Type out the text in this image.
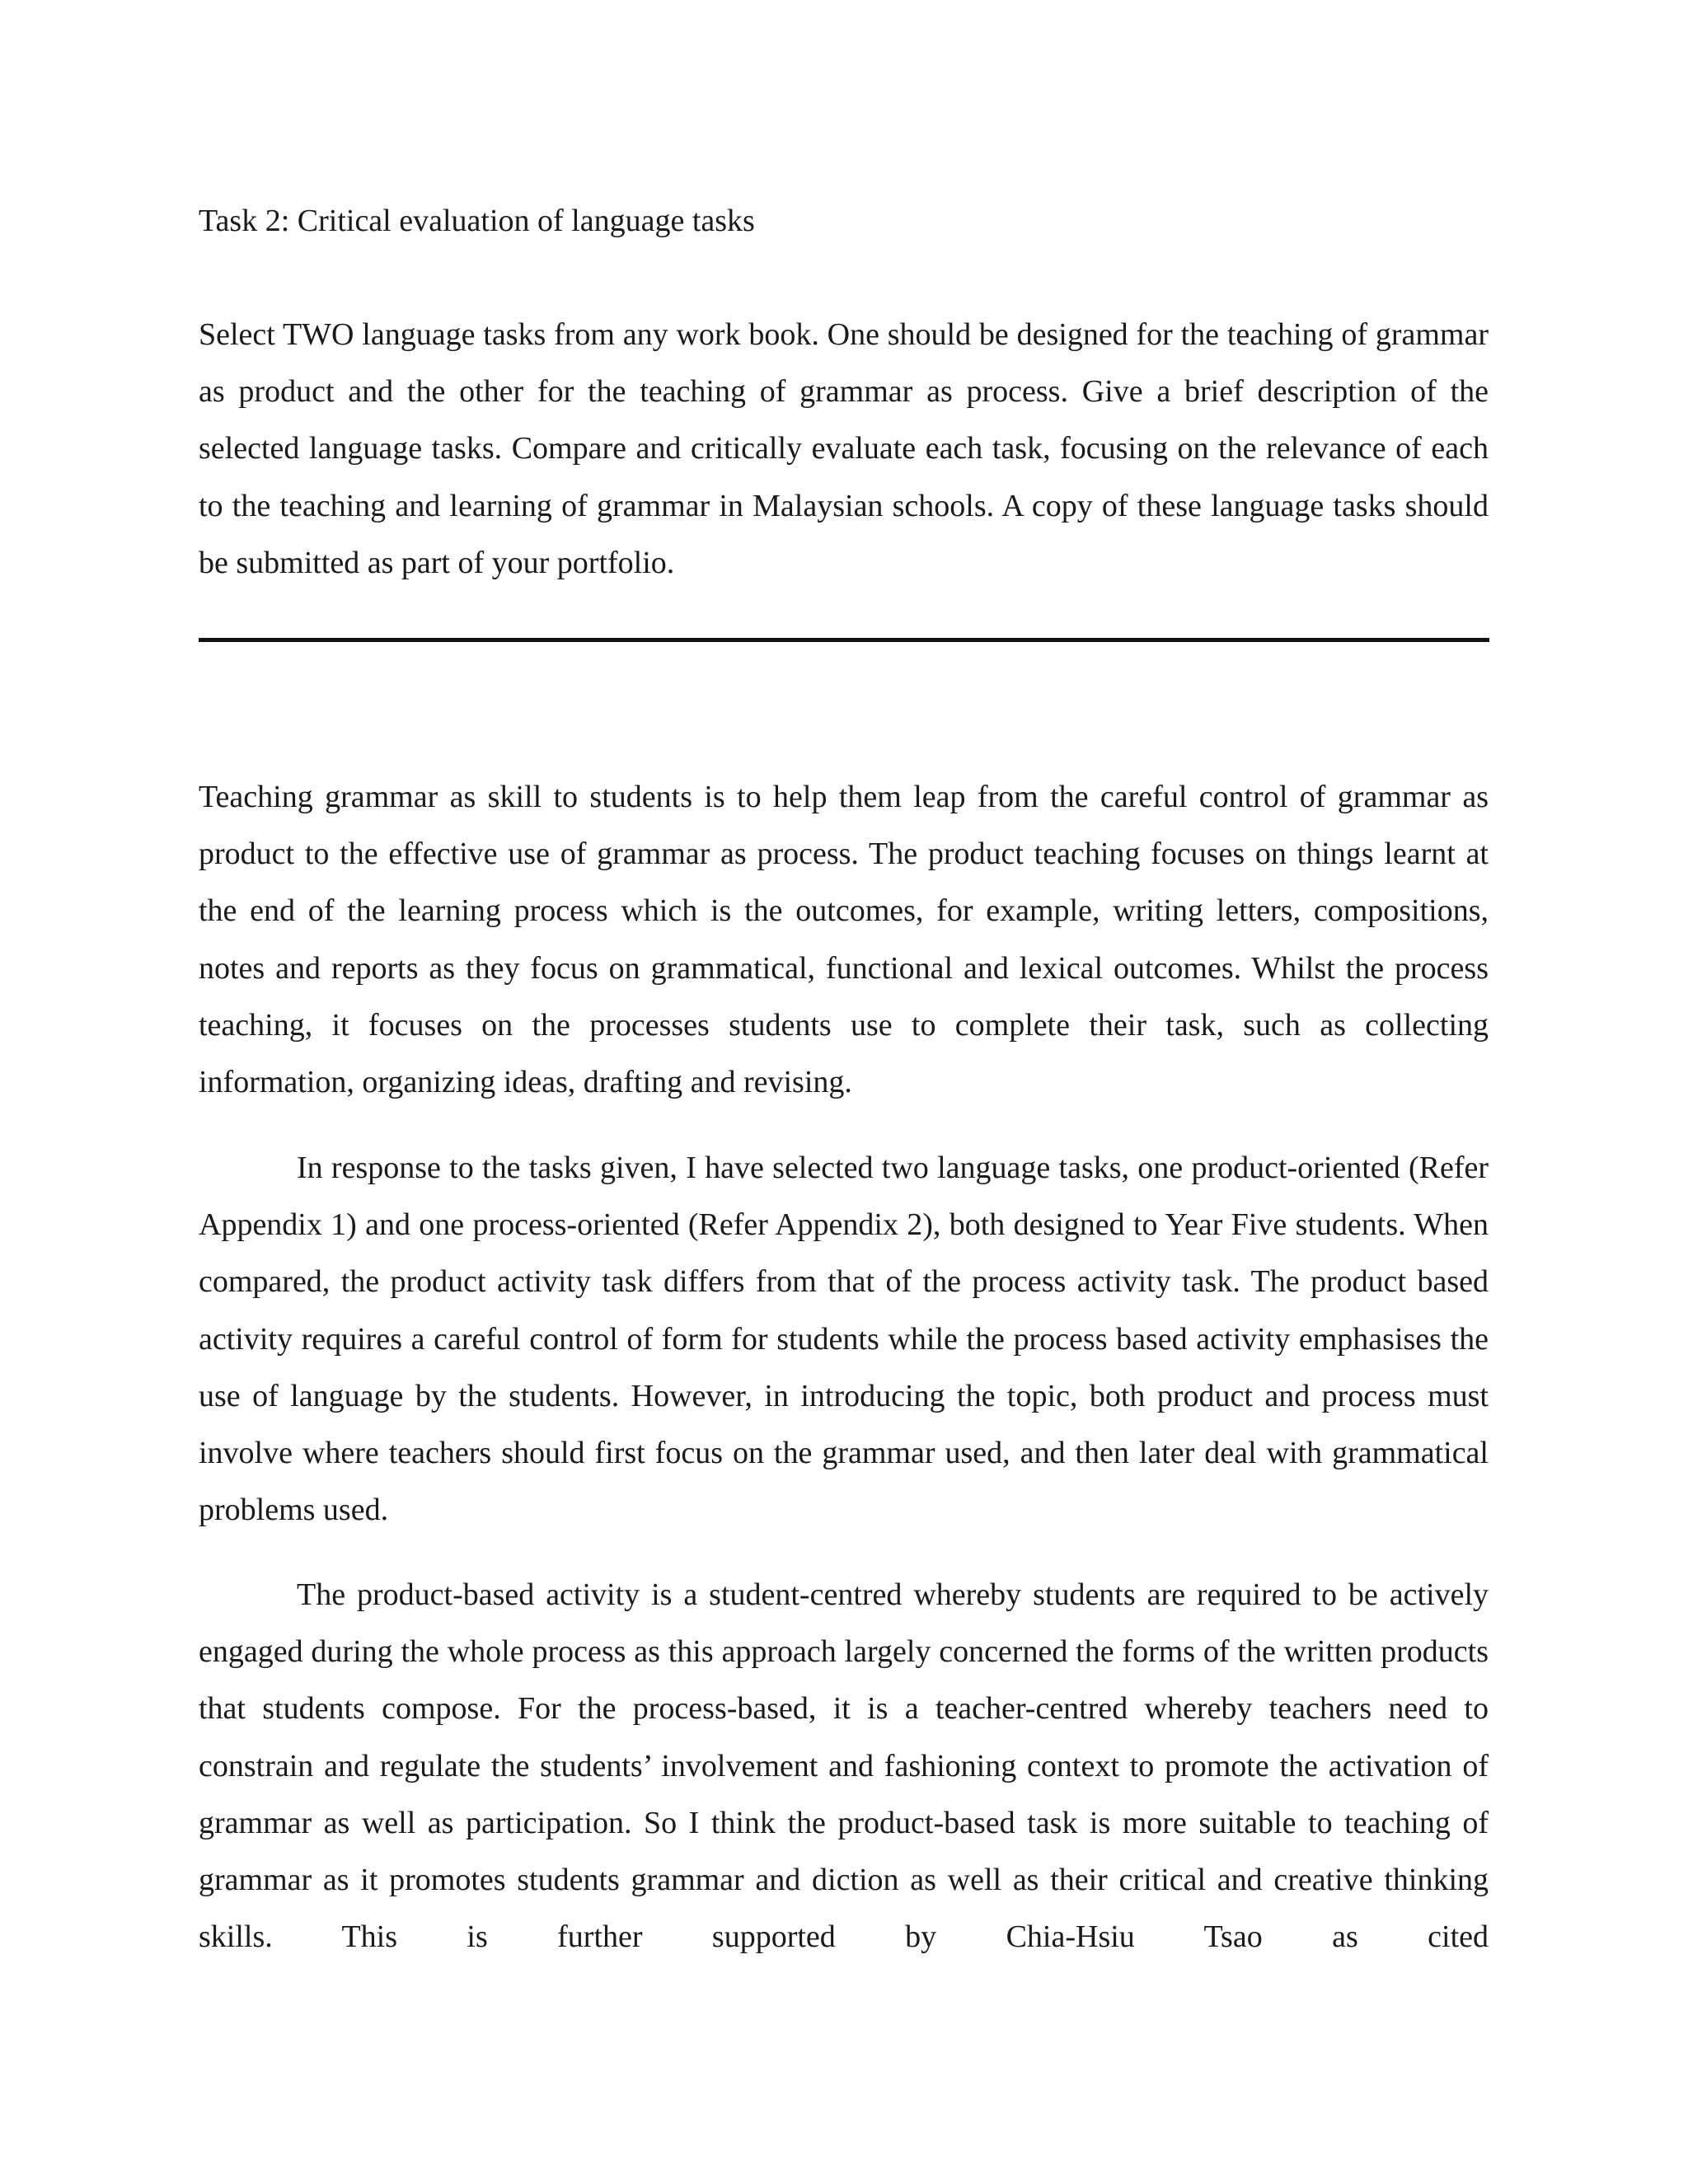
Task 2: Critical evaluation of language tasks

Select TWO language tasks from any work book. One should be designed for the teaching of grammar as product and the other for the teaching of grammar as process. Give a brief description of the selected language tasks. Compare and critically evaluate each task, focusing on the relevance of each to the teaching and learning of grammar in Malaysian schools. A copy of these language tasks should be submitted as part of your portfolio.

Teaching grammar as skill to students is to help them leap from the careful control of grammar as product to the effective use of grammar as process. The product teaching focuses on things learnt at the end of the learning process which is the outcomes, for example, writing letters, compositions, notes and reports as they focus on grammatical, functional and lexical outcomes. Whilst the process teaching, it focuses on the processes students use to complete their task, such as collecting information, organizing ideas, drafting and revising.

In response to the tasks given, I have selected two language tasks, one product-oriented (Refer Appendix 1) and one process-oriented (Refer Appendix 2), both designed to Year Five students. When compared, the product activity task differs from that of the process activity task. The product based activity requires a careful control of form for students while the process based activity emphasises the use of language by the students. However, in introducing the topic, both product and process must involve where teachers should first focus on the grammar used, and then later deal with grammatical problems used.

The product-based activity is a student-centred whereby students are required to be actively engaged during the whole process as this approach largely concerned the forms of the written products that students compose. For the process-based, it is a teacher-centred whereby teachers need to constrain and regulate the students’ involvement and fashioning context to promote the activation of grammar as well as participation. So I think the product-based task is more suitable to teaching of grammar as it promotes students grammar and diction as well as their critical and creative thinking skills. This is further supported by Chia-Hsiu Tsao as cited
